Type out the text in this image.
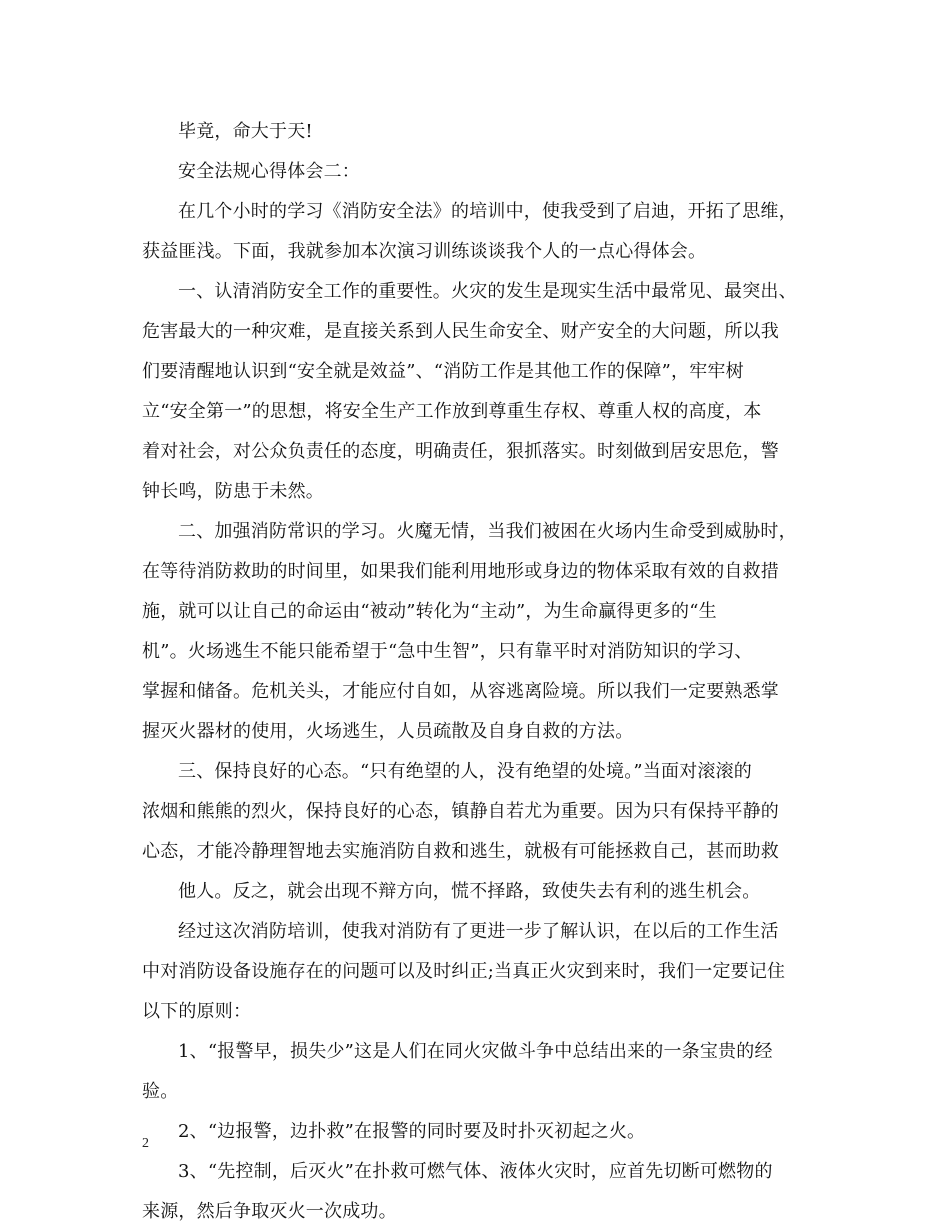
毕竟，命大于天!
安全法规心得体会二：
在几个小时的学习《消防安全法》的培训中，使我受到了启迪，开拓了思维，
获益匪浅。下面，我就参加本次演习训练谈谈我个人的一点心得体会。
一、认清消防安全工作的重要性。火灾的发生是现实生活中最常见、最突出、
危害最大的一种灾难，是直接关系到人民生命安全、财产安全的大问题，所以我
们要清醒地认识到“安全就是效益”、“消防工作是其他工作的保障”，牢牢树
立“安全第一”的思想，将安全生产工作放到尊重生存权、尊重人权的高度，本
着对社会，对公众负责任的态度，明确责任，狠抓落实。时刻做到居安思危，警
钟长鸣，防患于未然。
二、加强消防常识的学习。火魔无情，当我们被困在火场内生命受到威胁时，
在等待消防救助的时间里，如果我们能利用地形或身边的物体采取有效的自救措
施，就可以让自己的命运由“被动”转化为“主动”，为生命赢得更多的“生
机”。火场逃生不能只能希望于“急中生智”，只有靠平时对消防知识的学习、
掌握和储备。危机关头，才能应付自如，从容逃离险境。所以我们一定要熟悉掌
握灭火器材的使用，火场逃生，人员疏散及自身自救的方法。
三、保持良好的心态。“只有绝望的人，没有绝望的处境。”当面对滚滚的
浓烟和熊熊的烈火，保持良好的心态，镇静自若尤为重要。因为只有保持平静的
心态，才能冷静理智地去实施消防自救和逃生，就极有可能拯救自己，甚而助救
他人。反之，就会出现不辩方向，慌不择路，致使失去有利的逃生机会。
经过这次消防培训，使我对消防有了更进一步了解认识，在以后的工作生活
中对消防设备设施存在的问题可以及时纠正;当真正火灾到来时，我们一定要记住
以下的原则：
1、“报警早，损失少”这是人们在同火灾做斗争中总结出来的一条宝贵的经
验。
2、“边报警，边扑救”在报警的同时要及时扑灭初起之火。
3、“先控制，后灭火”在扑救可燃气体、液体火灾时，应首先切断可燃物的
来源，然后争取灭火一次成功。
2
